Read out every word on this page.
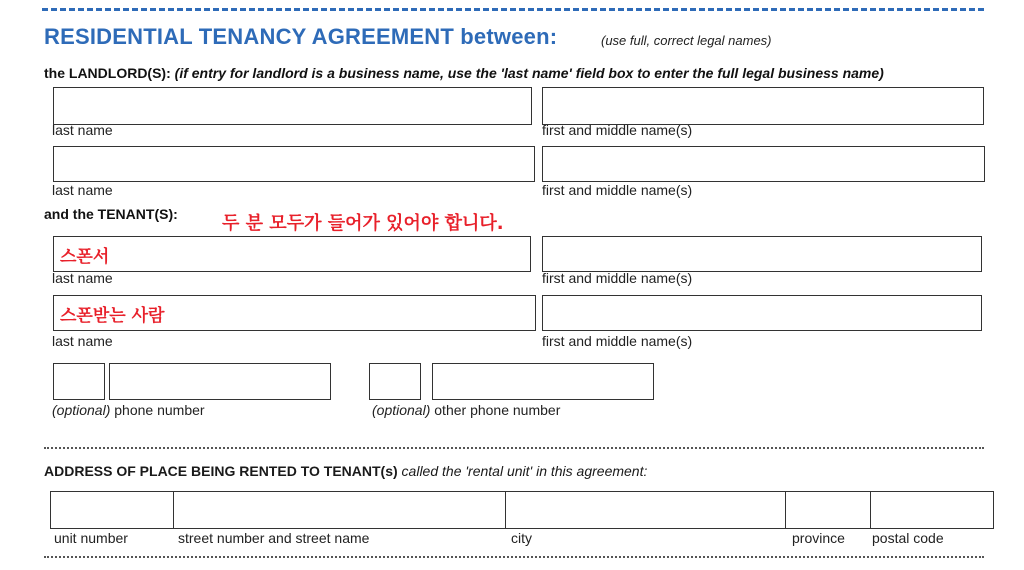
RESIDENTIAL TENANCY AGREEMENT between:	(use full, correct legal names)
the LANDLORD(S): (if entry for landlord is a business name, use the 'last name' field box to enter the full legal business name)
last name	first and middle name(s)
last name	first and middle name(s)
and the TENANT(S): 두 분 모두가 들어가 있어야 합니다.
스폰서
last name	first and middle name(s)
스폰받는 사람
last name	first and middle name(s)
(optional) phone number	(optional) other phone number
ADDRESS OF PLACE BEING RENTED TO TENANT(s) called the 'rental unit' in this agreement:
unit number	street number and street name	city	province postal code
